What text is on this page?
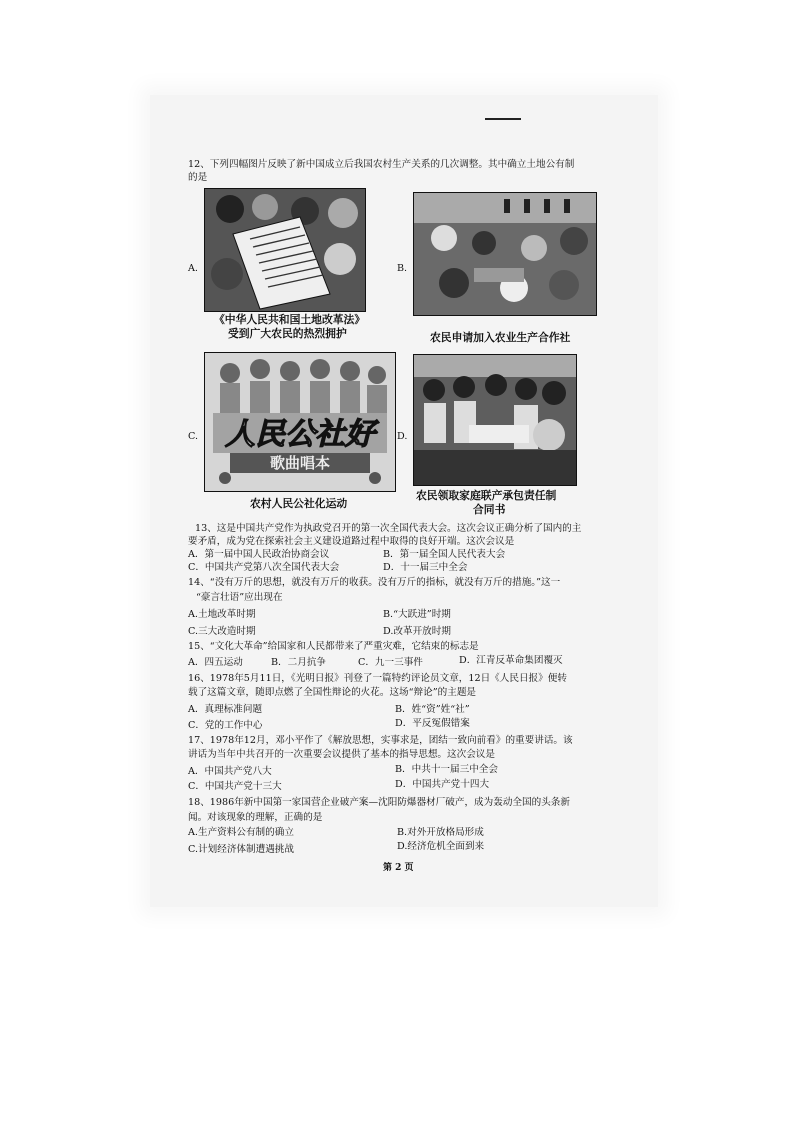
12、下列四幅图片反映了新中国成立后我国农村生产关系的几次调整。其中确立土地公有制
的是
A.
《中华人民共和国土地改革法》
受到广大农民的热烈拥护
B.
农民申请加入农业生产合作社
C. 人民公社好
歌曲唱本
农村人民公社化运动
D.
农民领取家庭联产承包责任制
合同书
13、这是中国共产党作为执政党召开的第一次全国代表大会。这次会议正确分析了国内的主
要矛盾，成为党在探索社会主义建设道路过程中取得的良好开端。这次会议是
A．第一届中国人民政治协商会议	B．第一届全国人民代表大会
C．中国共产党第八次全国代表大会	D．十一届三中全会
14、“没有万斤的思想，就没有万斤的收获。没有万斤的指标，就没有万斤的措施。”这一
“豪言壮语”应出现在
A.土地改革时期	B.“大跃进”时期
C.三大改造时期	D.改革开放时期
15、“文化大革命”给国家和人民都带来了严重灾难，它结束的标志是
A．四五运动	B．二月抗争	C．九一三事件	D．江青反革命集团覆灭
16、1978年5月11日，《光明日报》刊登了一篇特约评论员文章，12日《人民日报》便转
载了这篇文章，随即点燃了全国性辩论的火花。这场“辩论”的主题是
A．真理标准问题	B．姓“资”姓“社”
C．党的工作中心	D．平反冤假错案
17、1978年12月，邓小平作了《解放思想，实事求是，团结一致向前看》的重要讲话。该
讲话为当年中共召开的一次重要会议提供了基本的指导思想。这次会议是
A．中国共产党八大	B．中共十一届三中全会
C．中国共产党十三大	D．中国共产党十四大
18、1986年新中国第一家国营企业破产案—沈阳防爆器材厂破产，成为轰动全国的头条新
闻。对该现象的理解，正确的是
A.生产资料公有制的确立	B.对外开放格局形成
C.计划经济体制遭遇挑战	D.经济危机全面到来
第 2 页
